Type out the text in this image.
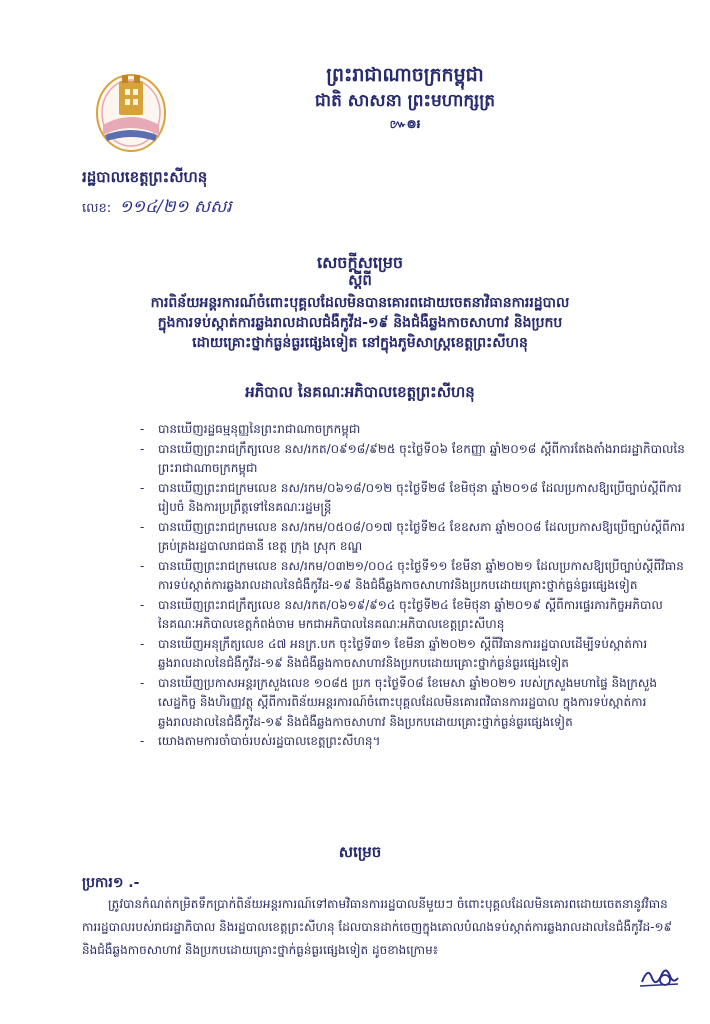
ព្រះរាជាណាចក្រកម្ពុជា
ជាតិ សាសនា ព្រះមហាក្សត្រ
៚៙៛
រដ្ឋបាលខេត្តព្រះសីហនុ
លេខ: ១១៤/២១ សសរ
សេចក្ដីសម្រេច
ស្ដីពី
ការពិន័យអន្តរការណ៍ចំពោះបុគ្គលដែលមិនបានគោរពដោយចេតនាវិធានការរដ្ឋបាល
ក្នុងការទប់ស្កាត់ការឆ្លងរាលដាលជំងឺកូវីដ-១៩ និងជំងឺឆ្លងកាចសាហាវ និងប្រកប
ដោយគ្រោះថ្នាក់ធ្ងន់ធ្ងរផ្សេងទៀត នៅក្នុងភូមិសាស្ត្រខេត្តព្រះសីហនុ
អភិបាល នៃគណៈអភិបាលខេត្តព្រះសីហនុ
- បានឃើញរដ្ឋធម្មនុញ្ញនៃព្រះរាជាណាចក្រកម្ពុជា
- បានឃើញព្រះរាជក្រឹត្យលេខ នស/រកត/០៩១៨/៩២៥ ចុះថ្ងៃទី០៦ ខែកញ្ញា ឆ្នាំ២០១៨ ស្តីពីការតែងតាំងរាជរដ្ឋាភិបាលនៃព្រះរាជាណាចក្រកម្ពុជា
- បានឃើញព្រះរាជក្រមលេខ នស/រកម/០៦១៨/០១២ ចុះថ្ងៃទី២៨ ខែមិថុនា ឆ្នាំ២០១៨ ដែលប្រកាសឱ្យប្រើច្បាប់ស្តីពីការរៀបចំ និងការប្រព្រឹត្តទៅនៃគណៈរដ្ឋមន្ត្រី
- បានឃើញព្រះរាជក្រមលេខ នស/រកម/០៥០៨/០១៧ ចុះថ្ងៃទី២៤ ខែឧសភា ឆ្នាំ២០០៨ ដែលប្រកាសឱ្យប្រើច្បាប់ស្តីពីការគ្រប់គ្រងរដ្ឋបាលរាជធានី ខេត្ត ក្រុង ស្រុក ខណ្ឌ
- បានឃើញព្រះរាជក្រមលេខ នស/រកម/០៣២១/០០៤ ចុះថ្ងៃទី១១ ខែមីនា ឆ្នាំ២០២១ ដែលប្រកាសឱ្យប្រើច្បាប់ស្តីពីវិធានការទប់ស្កាត់ការឆ្លងរាលដាលនៃជំងឺកូវីដ-១៩ និងជំងឺឆ្លងកាចសាហាវនិងប្រកបដោយគ្រោះថ្នាក់ធ្ងន់ធ្ងរផ្សេងទៀត
- បានឃើញព្រះរាជក្រឹត្យលេខ នស/រកត/០៦១៩/៩១៤ ចុះថ្ងៃទី២៤ ខែមិថុនា ឆ្នាំ២០១៩ ស្តីពីការផ្ទេរភារកិច្ចអភិបាល នៃគណៈអភិបាលខេត្តកំពង់ចាម មកជាអភិបាលនៃគណៈអភិបាលខេត្តព្រះសីហនុ
- បានឃើញអនុក្រឹត្យលេខ ៤៧ អនក្រ.បក ចុះថ្ងៃទី៣១ ខែមីនា ឆ្នាំ២០២១ ស្តីពីវិធានការរដ្ឋបាលដើម្បីទប់ស្កាត់ការឆ្លងរាលដាលនៃជំងឺកូវីដ-១៩ និងជំងឺឆ្លងកាចសាហាវនិងប្រកបដោយគ្រោះថ្នាក់ធ្ងន់ធ្ងរផ្សេងទៀត
- បានឃើញប្រកាសអន្តរក្រសួងលេខ ១០៨៥ ប្រក ចុះថ្ងៃទី០៨ ខែមេសា ឆ្នាំ២០២១ របស់ក្រសួងមហាផ្ទៃ និងក្រសួងសេដ្ឋកិច្ច និងហិរញ្ញវត្ថុ ស្តីពីការពិន័យអន្តរការណ៍ចំពោះបុគ្គលដែលមិនគោរពវិធានការរដ្ឋបាល ក្នុងការទប់ស្កាត់ការឆ្លងរាលដាលនៃជំងឺកូវីដ-១៩ និងជំងឺឆ្លងកាចសាហាវ និងប្រកបដោយគ្រោះថ្នាក់ធ្ងន់ធ្ងរផ្សេងទៀត
- យោងតាមការចាំបាច់របស់រដ្ឋបាលខេត្តព្រះសីហនុ។
សម្រេច
ប្រការ១ .-
ត្រូវបានកំណត់កម្រិតទឹកប្រាក់ពិន័យអន្តរការណ៍ទៅតាមវិធានការរដ្ឋបាលនីមួយៗ ចំពោះបុគ្គលដែលមិនគោរពដោយចេតនានូវវិធានការរដ្ឋបាលរបស់រាជរដ្ឋាភិបាល និងរដ្ឋបាលខេត្តព្រះសីហនុ ដែលបានដាក់ចេញក្នុងគោលបំណងទប់ស្កាត់ការឆ្លងរាលដាលនៃជំងឺកូវីដ-១៩ និងជំងឺឆ្លងកាចសាហាវ និងប្រកបដោយគ្រោះថ្នាក់ធ្ងន់ធ្ងរផ្សេងទៀត ដូចខាងក្រោម៖
